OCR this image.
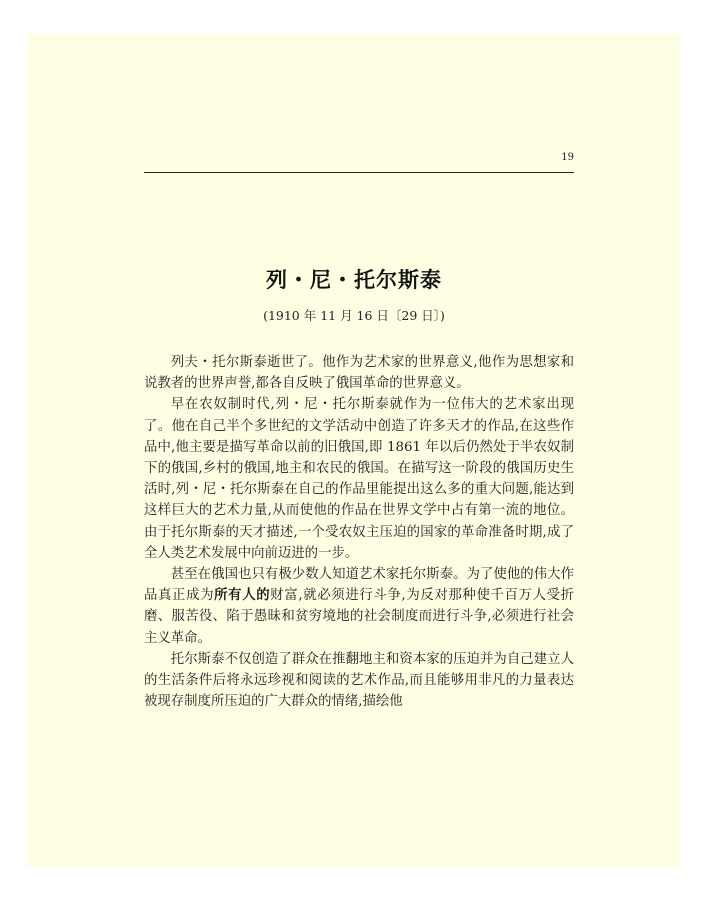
19
列・尼・托尔斯泰
(1910 年 11 月 16 日〔29 日〕)

列夫・托尔斯泰逝世了。他作为艺术家的世界意义,他作为思想家和说教者的世界声誉,都各自反映了俄国革命的世界意义。

早在农奴制时代,列・尼・托尔斯泰就作为一位伟大的艺术家出现了。他在自己半个多世纪的文学活动中创造了许多天才的作品,在这些作品中,他主要是描写革命以前的旧俄国,即 1861 年以后仍然处于半农奴制下的俄国,乡村的俄国,地主和农民的俄国。在描写这一阶段的俄国历史生活时,列・尼・托尔斯泰在自己的作品里能提出这么多的重大问题,能达到这样巨大的艺术力量,从而使他的作品在世界文学中占有第一流的地位。由于托尔斯泰的天才描述,一个受农奴主压迫的国家的革命准备时期,成了全人类艺术发展中向前迈进的一步。

甚至在俄国也只有极少数人知道艺术家托尔斯泰。为了使他的伟大作品真正成为所有人的财富,就必须进行斗争,为反对那种使千百万人受折磨、服苦役、陷于愚昧和贫穷境地的社会制度而进行斗争,必须进行社会主义革命。

托尔斯泰不仅创造了群众在推翻地主和资本家的压迫并为自己建立人的生活条件后将永远珍视和阅读的艺术作品,而且能够用非凡的力量表达被现存制度所压迫的广大群众的情绪,描绘他
